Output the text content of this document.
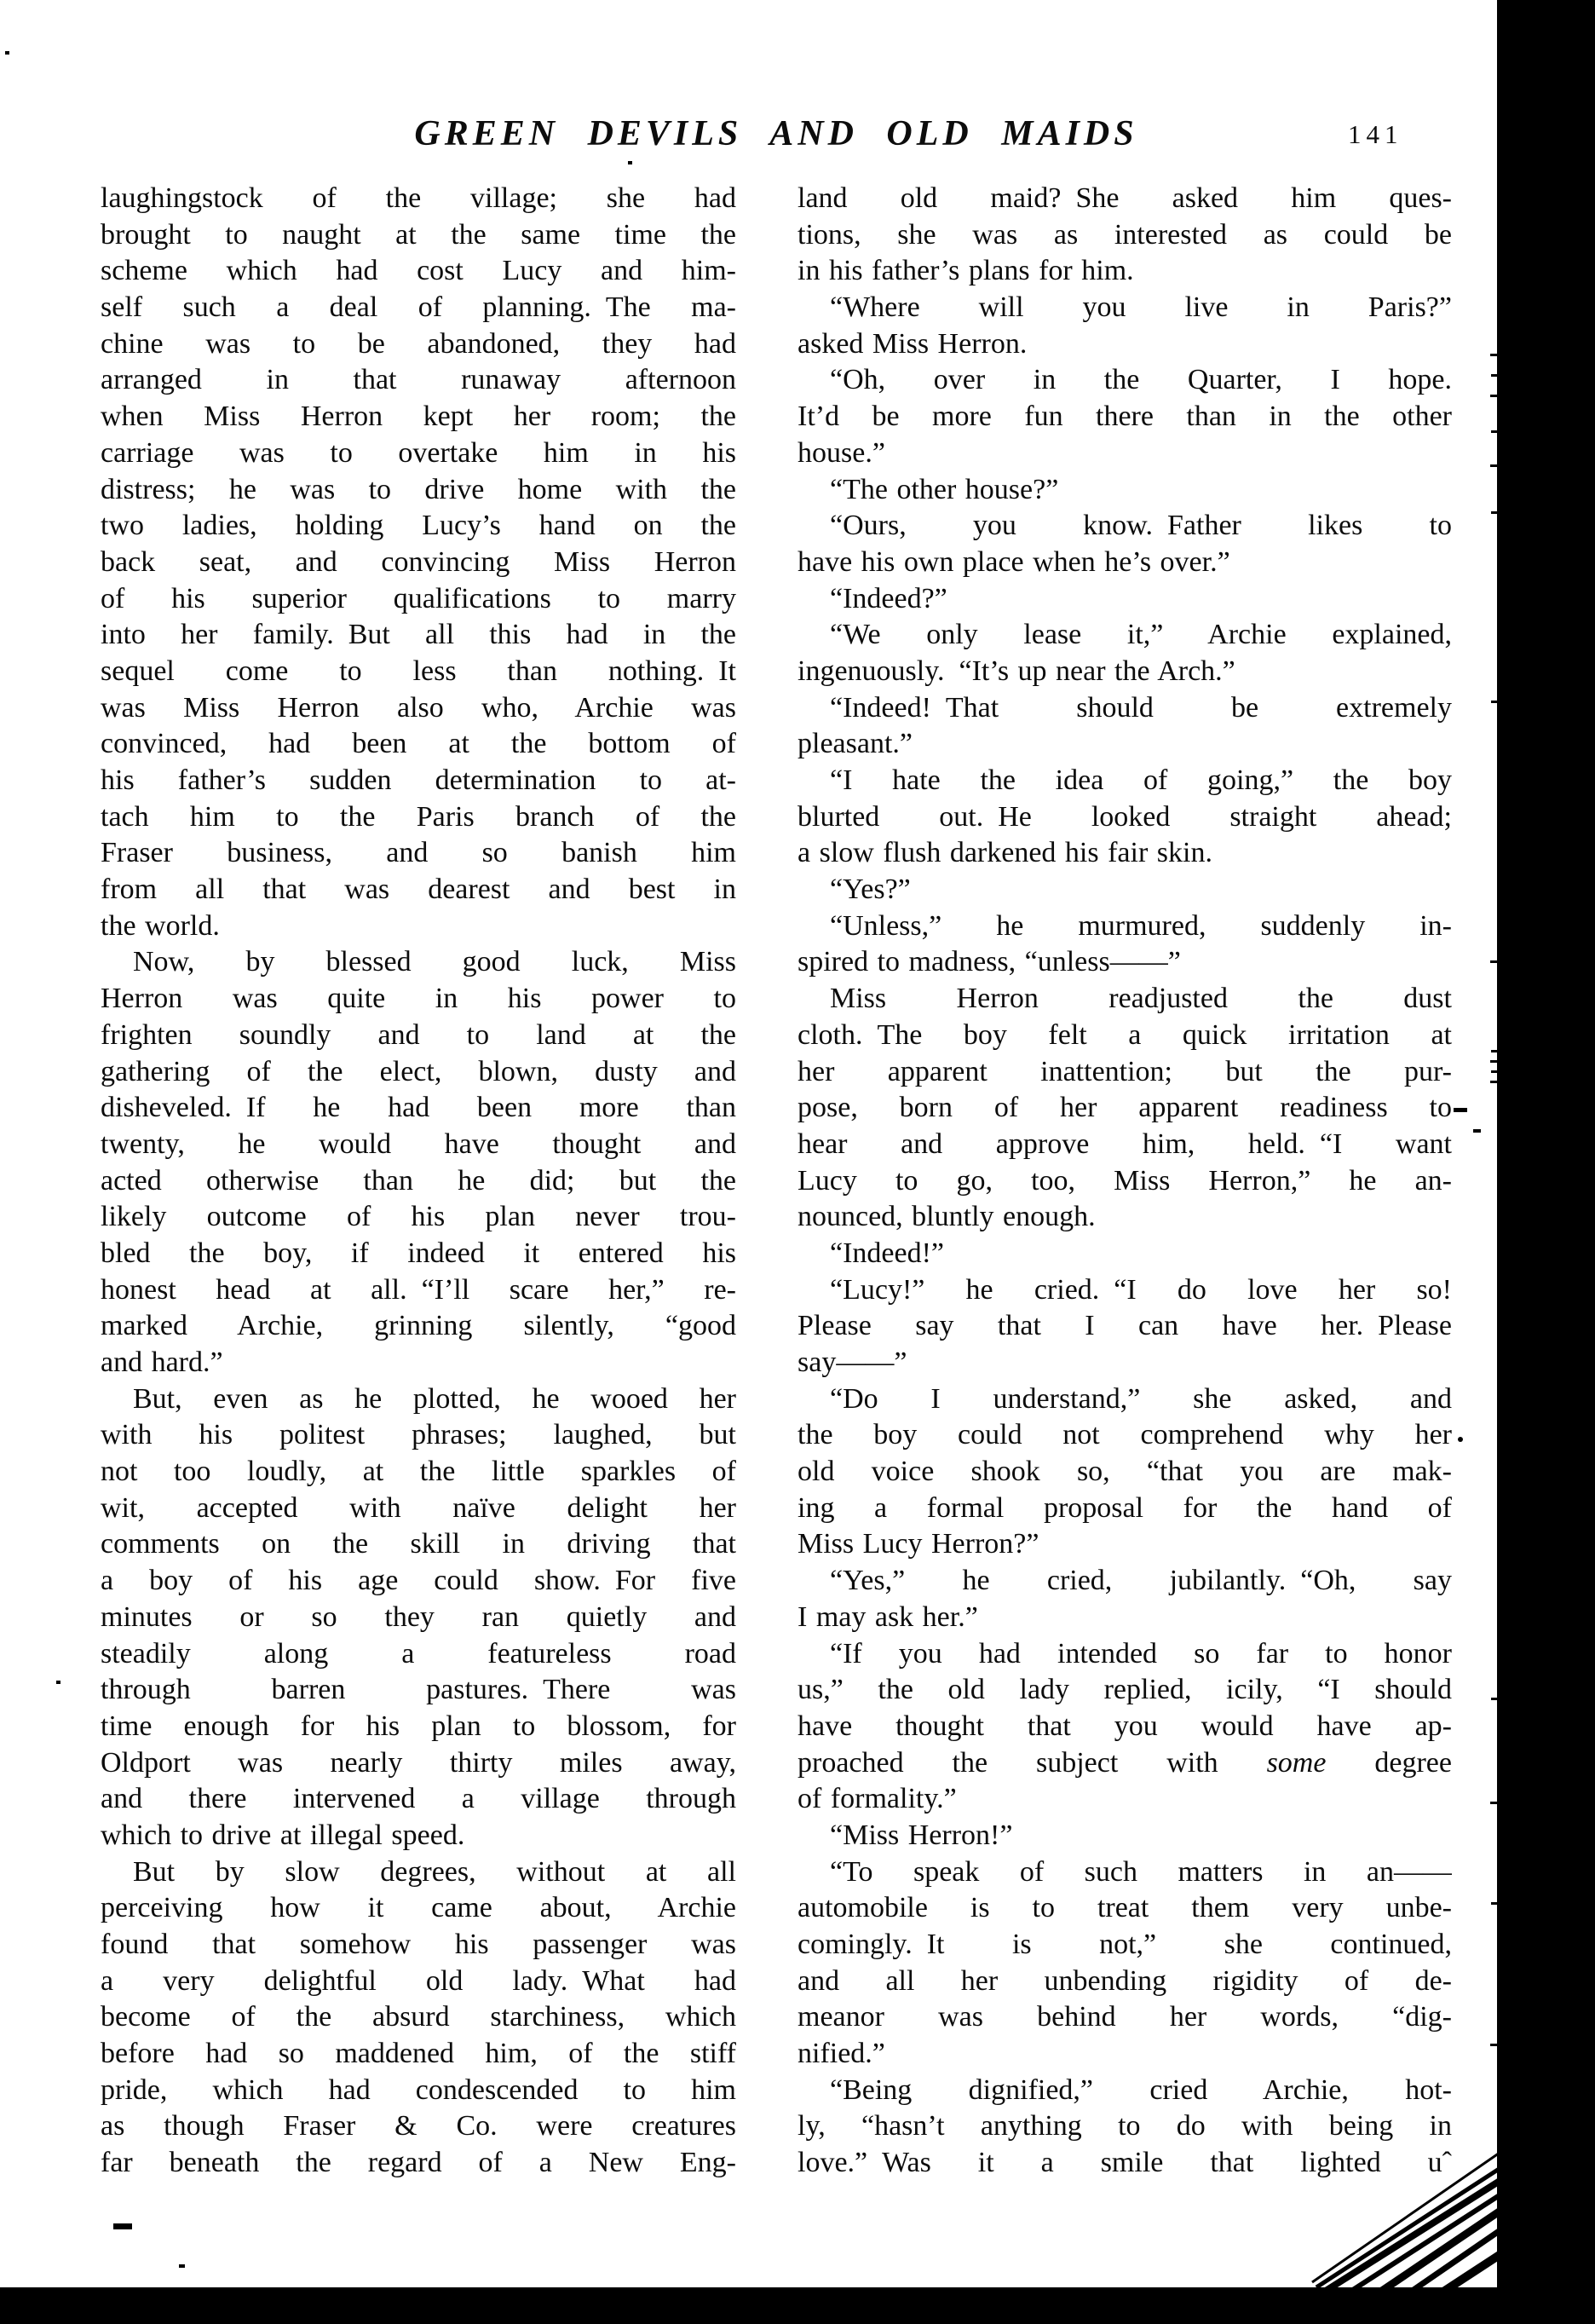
GREEN DEVILS AND OLD MAIDS	141
laughingstock of the village; she had
brought to naught at the same time the
scheme which had cost Lucy and him-
self such a deal of planning. The ma-
chine was to be abandoned, they had
arranged in that runaway afternoon
when Miss Herron kept her room; the
carriage was to overtake him in his
distress; he was to drive home with the
two ladies, holding Lucy’s hand on the
back seat, and convincing Miss Herron
of his superior qualifications to marry
into her family. But all this had in the
sequel come to less than nothing. It
was Miss Herron also who, Archie was
convinced, had been at the bottom of
his father’s sudden determination to at-
tach him to the Paris branch of the
Fraser business, and so banish him
from all that was dearest and best in
the world.
Now, by blessed good luck, Miss
Herron was quite in his power to
frighten soundly and to land at the
gathering of the elect, blown, dusty and
disheveled. If he had been more than
twenty, he would have thought and
acted otherwise than he did; but the
likely outcome of his plan never trou-
bled the boy, if indeed it entered his
honest head at all. “I’ll scare her,” re-
marked Archie, grinning silently, “good
and hard.”
But, even as he plotted, he wooed her
with his politest phrases; laughed, but
not too loudly, at the little sparkles of
wit, accepted with naïve delight her
comments on the skill in driving that
a boy of his age could show. For five
minutes or so they ran quietly and
steadily along a featureless road
through barren pastures. There was
time enough for his plan to blossom, for
Oldport was nearly thirty miles away,
and there intervened a village through
which to drive at illegal speed.
But by slow degrees, without at all
perceiving how it came about, Archie
found that somehow his passenger was
a very delightful old lady. What had
become of the absurd starchiness, which
before had so maddened him, of the stiff
pride, which had condescended to him
as though Fraser & Co. were creatures
far beneath the regard of a New Eng-
land old maid? She asked him ques-
tions, she was as interested as could be
in his father’s plans for him.
“Where will you live in Paris?”
asked Miss Herron.
“Oh, over in the Quarter, I hope.
It’d be more fun there than in the other
house.”
“The other house?”
“Ours, you know. Father likes to
have his own place when he’s over.”
“Indeed?”
“We only lease it,” Archie explained,
ingenuously. “It’s up near the Arch.”
“Indeed! That should be extremely
pleasant.”
“I hate the idea of going,” the boy
blurted out. He looked straight ahead;
a slow flush darkened his fair skin.
“Yes?”
“Unless,” he murmured, suddenly in-
spired to madness, “unless——”
Miss Herron readjusted the dust
cloth. The boy felt a quick irritation at
her apparent inattention; but the pur-
pose, born of her apparent readiness to
hear and approve him, held. “I want
Lucy to go, too, Miss Herron,” he an-
nounced, bluntly enough.
“Indeed!”
“Lucy!” he cried. “I do love her so!
Please say that I can have her. Please
say——”
“Do I understand,” she asked, and
the boy could not comprehend why her
old voice shook so, “that you are mak-
ing a formal proposal for the hand of
Miss Lucy Herron?”
“Yes,” he cried, jubilantly. “Oh, say
I may ask her.”
“If you had intended so far to honor
us,” the old lady replied, icily, “I should
have thought that you would have ap-
proached the subject with some degree
of formality.”
“Miss Herron!”
“To speak of such matters in an——
automobile is to treat them very unbe-
comingly. It is not,” she continued,
and all her unbending rigidity of de-
meanor was behind her words, “dig-
nified.”
“Being dignified,” cried Archie, hot-
ly, “hasn’t anything to do with being in
love.” Was it a smile that lighted uˆ
